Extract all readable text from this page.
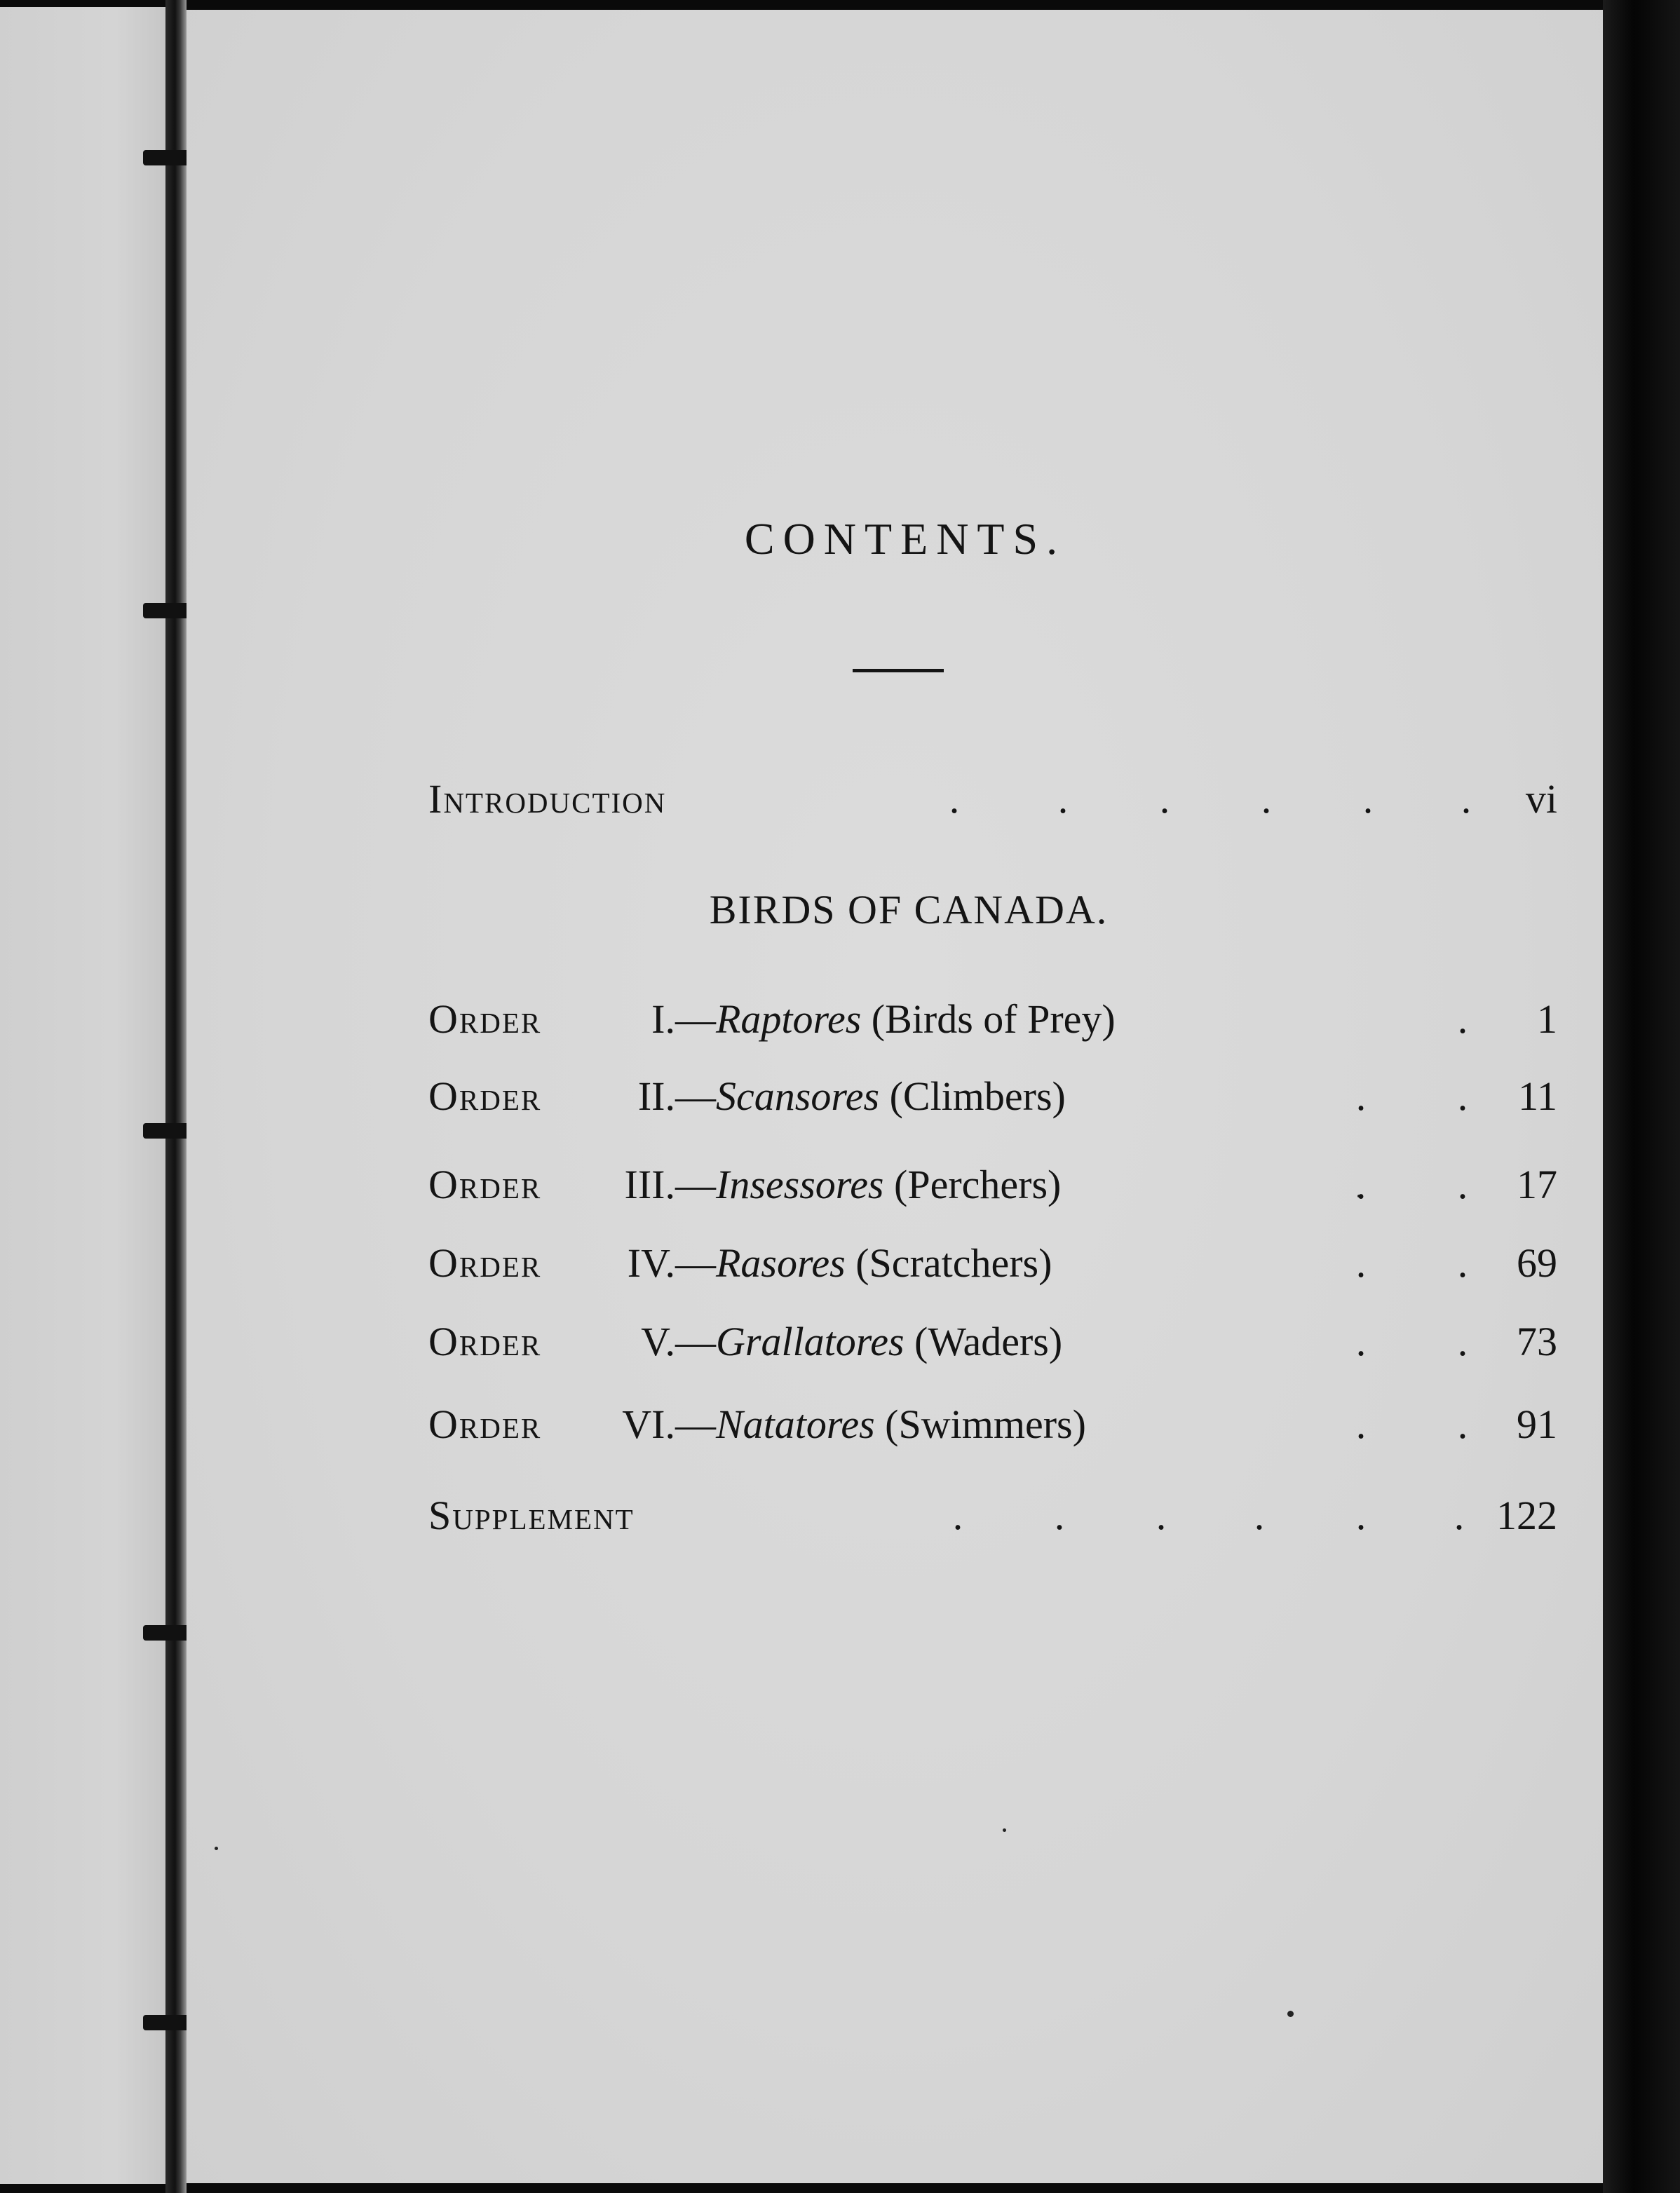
CONTENTS.
Introduction	. . . . . . vi
BIRDS OF CANADA.
Order	I.—Raptores (Birds of Prey)	. 1
Order II.—Scansores (Climbers)	. . 11
Order III.—Insessores (Perchers)	. . 17
Order IV.—Rasores (Scratchers)	. . 69
Order V.—Grallatores (Waders)	. . 73
Order VI.—Natatores (Swimmers)	. . 91
Supplement	. . . . . . 122
